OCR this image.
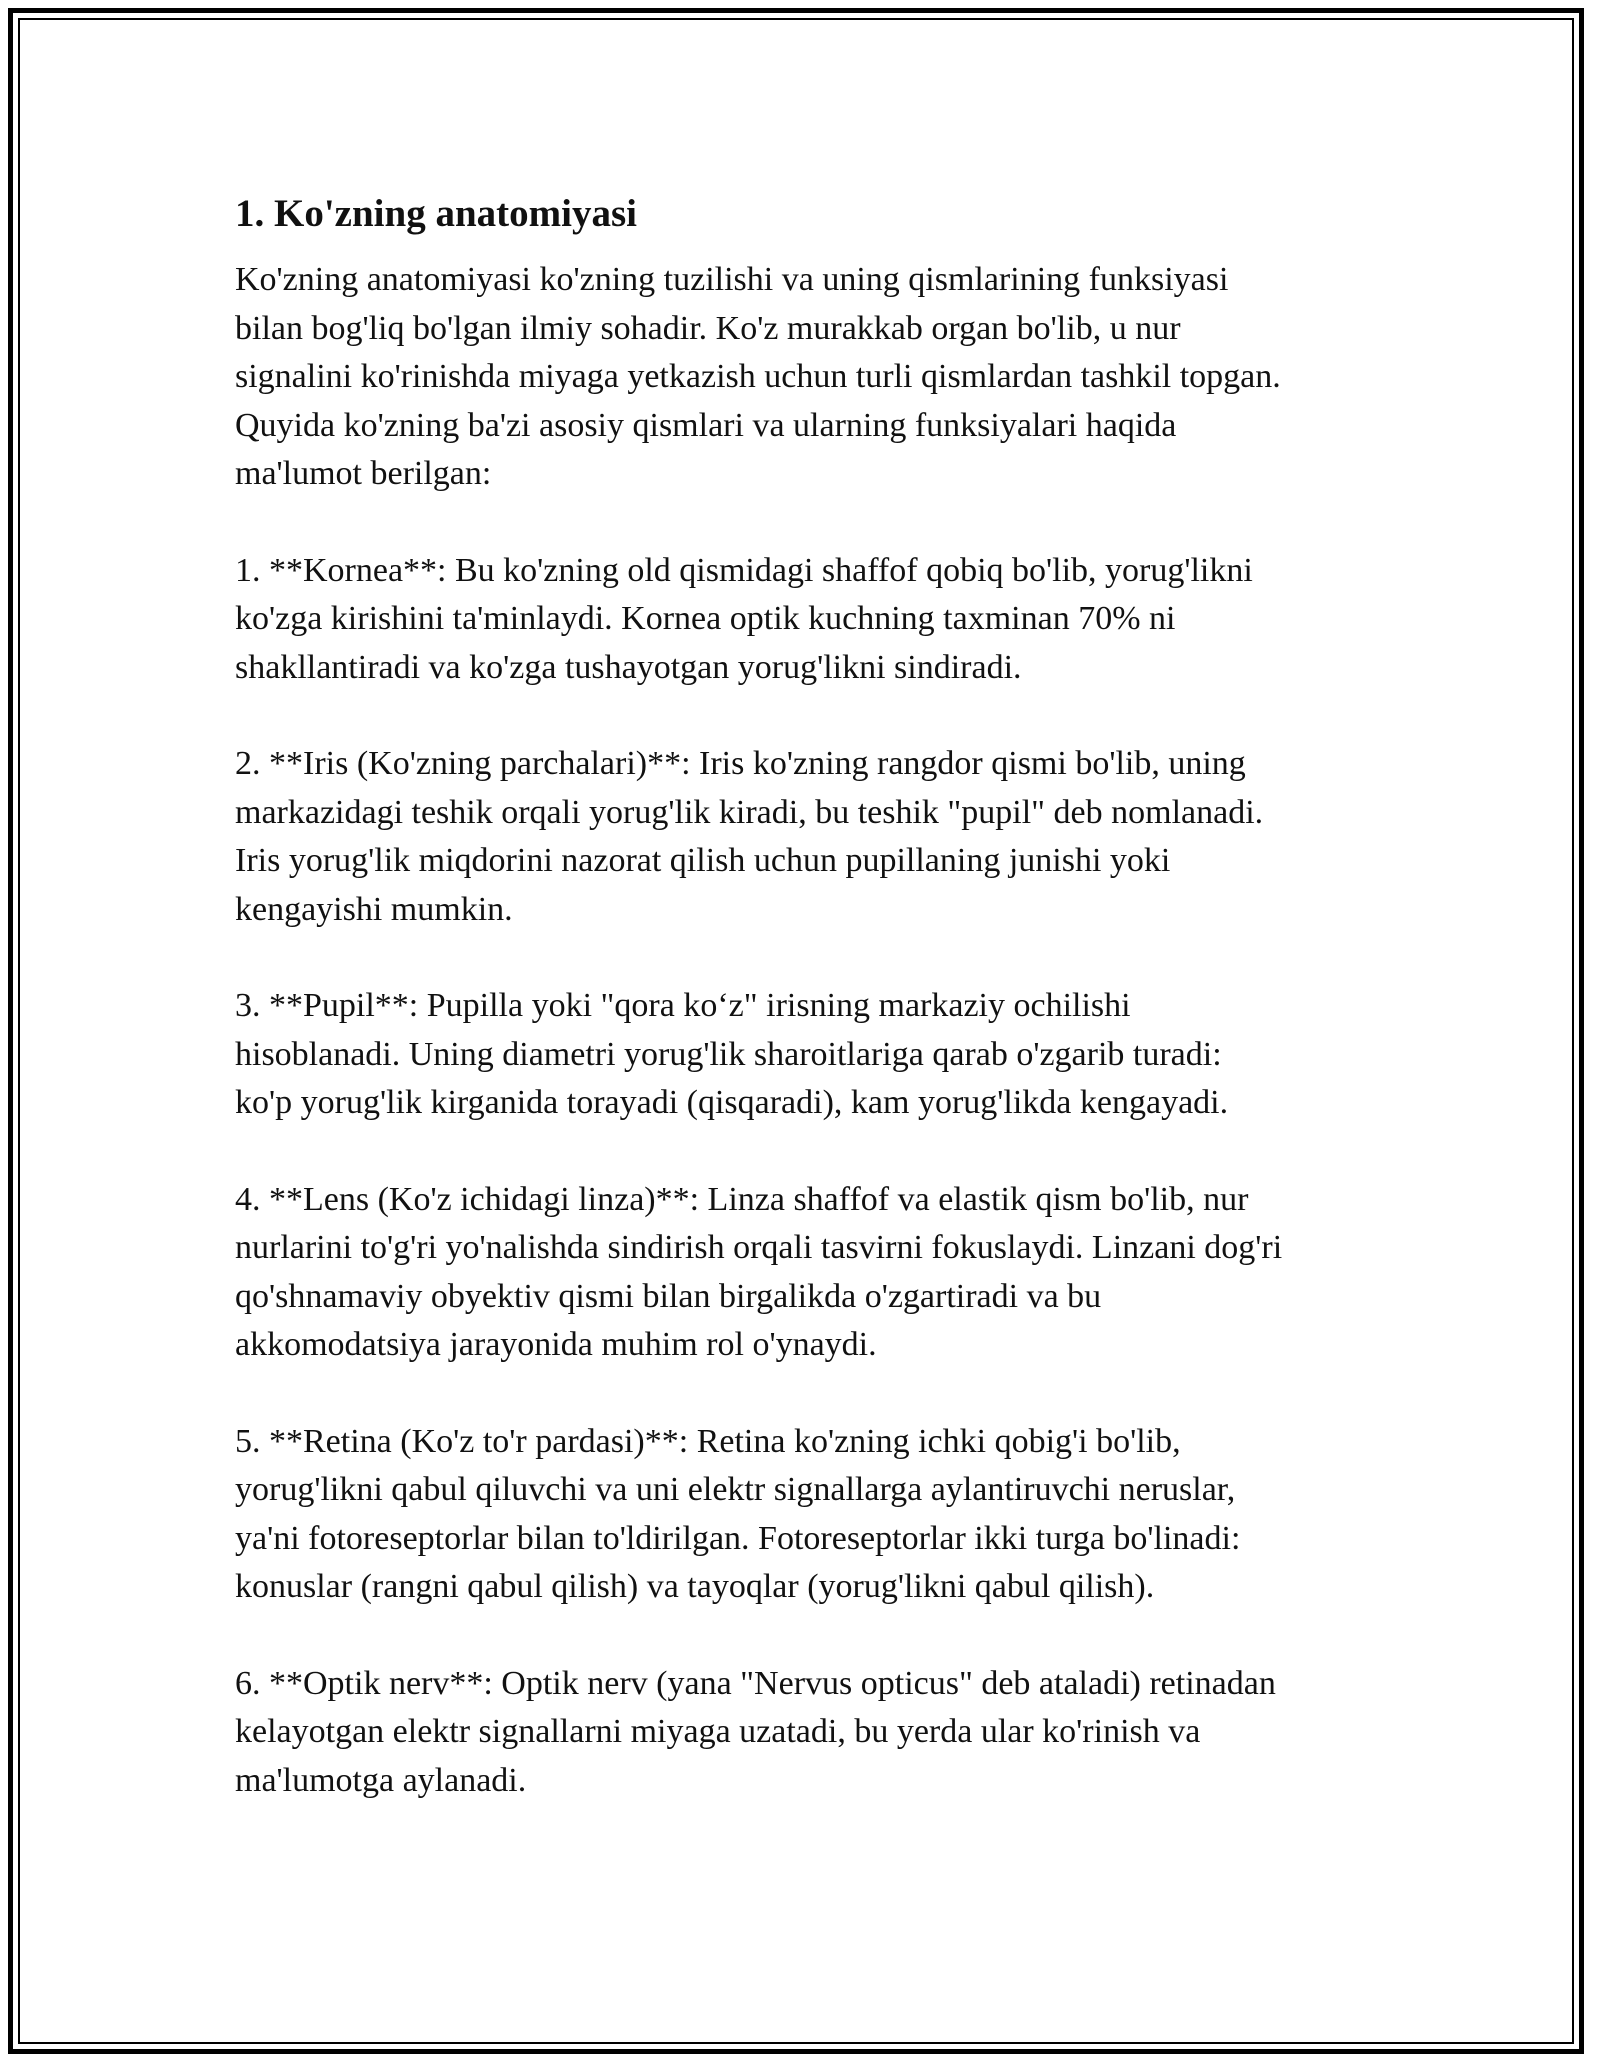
1. Ko'zning anatomiyasi
Ko'zning anatomiyasi ko'zning tuzilishi va uning qismlarining funksiyasi
bilan bog'liq bo'lgan ilmiy sohadir. Ko'z murakkab organ bo'lib, u nur
signalini ko'rinishda miyaga yetkazish uchun turli qismlardan tashkil topgan.
Quyida ko'zning ba'zi asosiy qismlari va ularning funksiyalari haqida
ma'lumot berilgan:
1. **Kornea**: Bu ko'zning old qismidagi shaffof qobiq bo'lib, yorug'likni
ko'zga kirishini ta'minlaydi. Kornea optik kuchning taxminan 70% ni
shakllantiradi va ko'zga tushayotgan yorug'likni sindiradi.
2. **Iris (Ko'zning parchalari)**: Iris ko'zning rangdor qismi bo'lib, uning
markazidagi teshik orqali yorug'lik kiradi, bu teshik "pupil" deb nomlanadi.
Iris yorug'lik miqdorini nazorat qilish uchun pupillaning junishi yoki
kengayishi mumkin.
3. **Pupil**: Pupilla yoki "qora ko‘z" irisning markaziy ochilishi
hisoblanadi. Uning diametri yorug'lik sharoitlariga qarab o'zgarib turadi:
ko'p yorug'lik kirganida torayadi (qisqaradi), kam yorug'likda kengayadi.
4. **Lens (Ko'z ichidagi linza)**: Linza shaffof va elastik qism bo'lib, nur
nurlarini to'g'ri yo'nalishda sindirish orqali tasvirni fokuslaydi. Linzani dog'ri
qo'shnamaviy obyektiv qismi bilan birgalikda o'zgartiradi va bu
akkomodatsiya jarayonida muhim rol o'ynaydi.
5. **Retina (Ko'z to'r pardasi)**: Retina ko'zning ichki qobig'i bo'lib,
yorug'likni qabul qiluvchi va uni elektr signallarga aylantiruvchi neruslar,
ya'ni fotoreseptorlar bilan to'ldirilgan. Fotoreseptorlar ikki turga bo'linadi:
konuslar (rangni qabul qilish) va tayoqlar (yorug'likni qabul qilish).
6. **Optik nerv**: Optik nerv (yana "Nervus opticus" deb ataladi) retinadan
kelayotgan elektr signallarni miyaga uzatadi, bu yerda ular ko'rinish va
ma'lumotga aylanadi.
